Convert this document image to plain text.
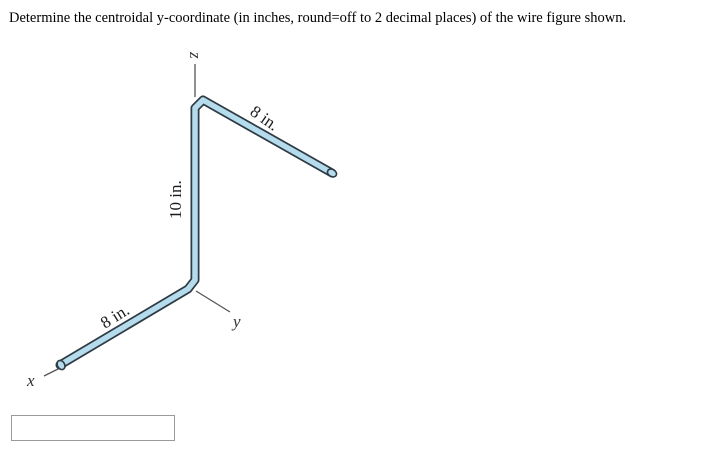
Determine the centroidal y-coordinate (in inches, round=off to 2 decimal places) of the wire figure shown.
z
y
x
8 in.
10 in.
8 in.
